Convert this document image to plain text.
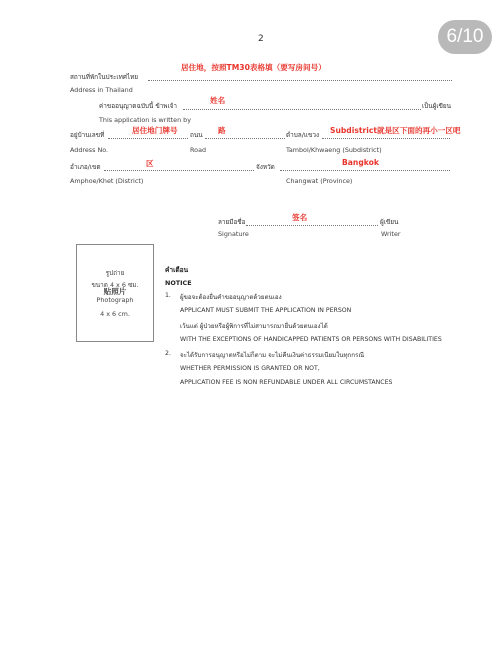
2	6/10
居住地，按照TM30表格填（要写房间号）
สถานที่พักในประเทศไทย
Address in Thailand
姓名
ค่าขออนุญาตฉบับนี้ ข้าพเจ้า	เป็นผู้เขียน
This application is written by
居住地门牌号	路	Subdistrict就是区下面的再小一区吧
อยู่บ้านเลขที่	ถนน	ตำบล/แขวง
Address No.	Road	Tambol/Khwaeng (Subdistrict)
区	Bangkok
อำเภอ/เขต	จังหวัด
Amphoe/Khet (District)	Changwat (Province)
签名
ลายมือชื่อ	ผู้เขียน
Signature	Writer
รูปถ่าย
ขนาด 4 x 6 ซม.
贴照片
Photograph
4 x 6 cm.
คำเตือน
NOTICE
1. ผู้ขอจะต้องยื่นคำขออนุญาตด้วยตนเอง
APPLICANT MUST SUBMIT THE APPLICATION IN PERSON
เว้นแต่ ผู้ป่วยหรือผู้พิการที่ไม่สามารถมายื่นด้วยตนเองได้
WITH THE EXCEPTIONS OF HANDICAPPED PATIENTS OR PERSONS WITH DISABILITIES
2. จะได้รับการอนุญาตหรือไม่ก็ตาม จะไม่คืนเงินค่าธรรมเนียมในทุกกรณี
WHETHER PERMISSION IS GRANTED OR NOT,
APPLICATION FEE IS NON REFUNDABLE UNDER ALL CIRCUMSTANCES
